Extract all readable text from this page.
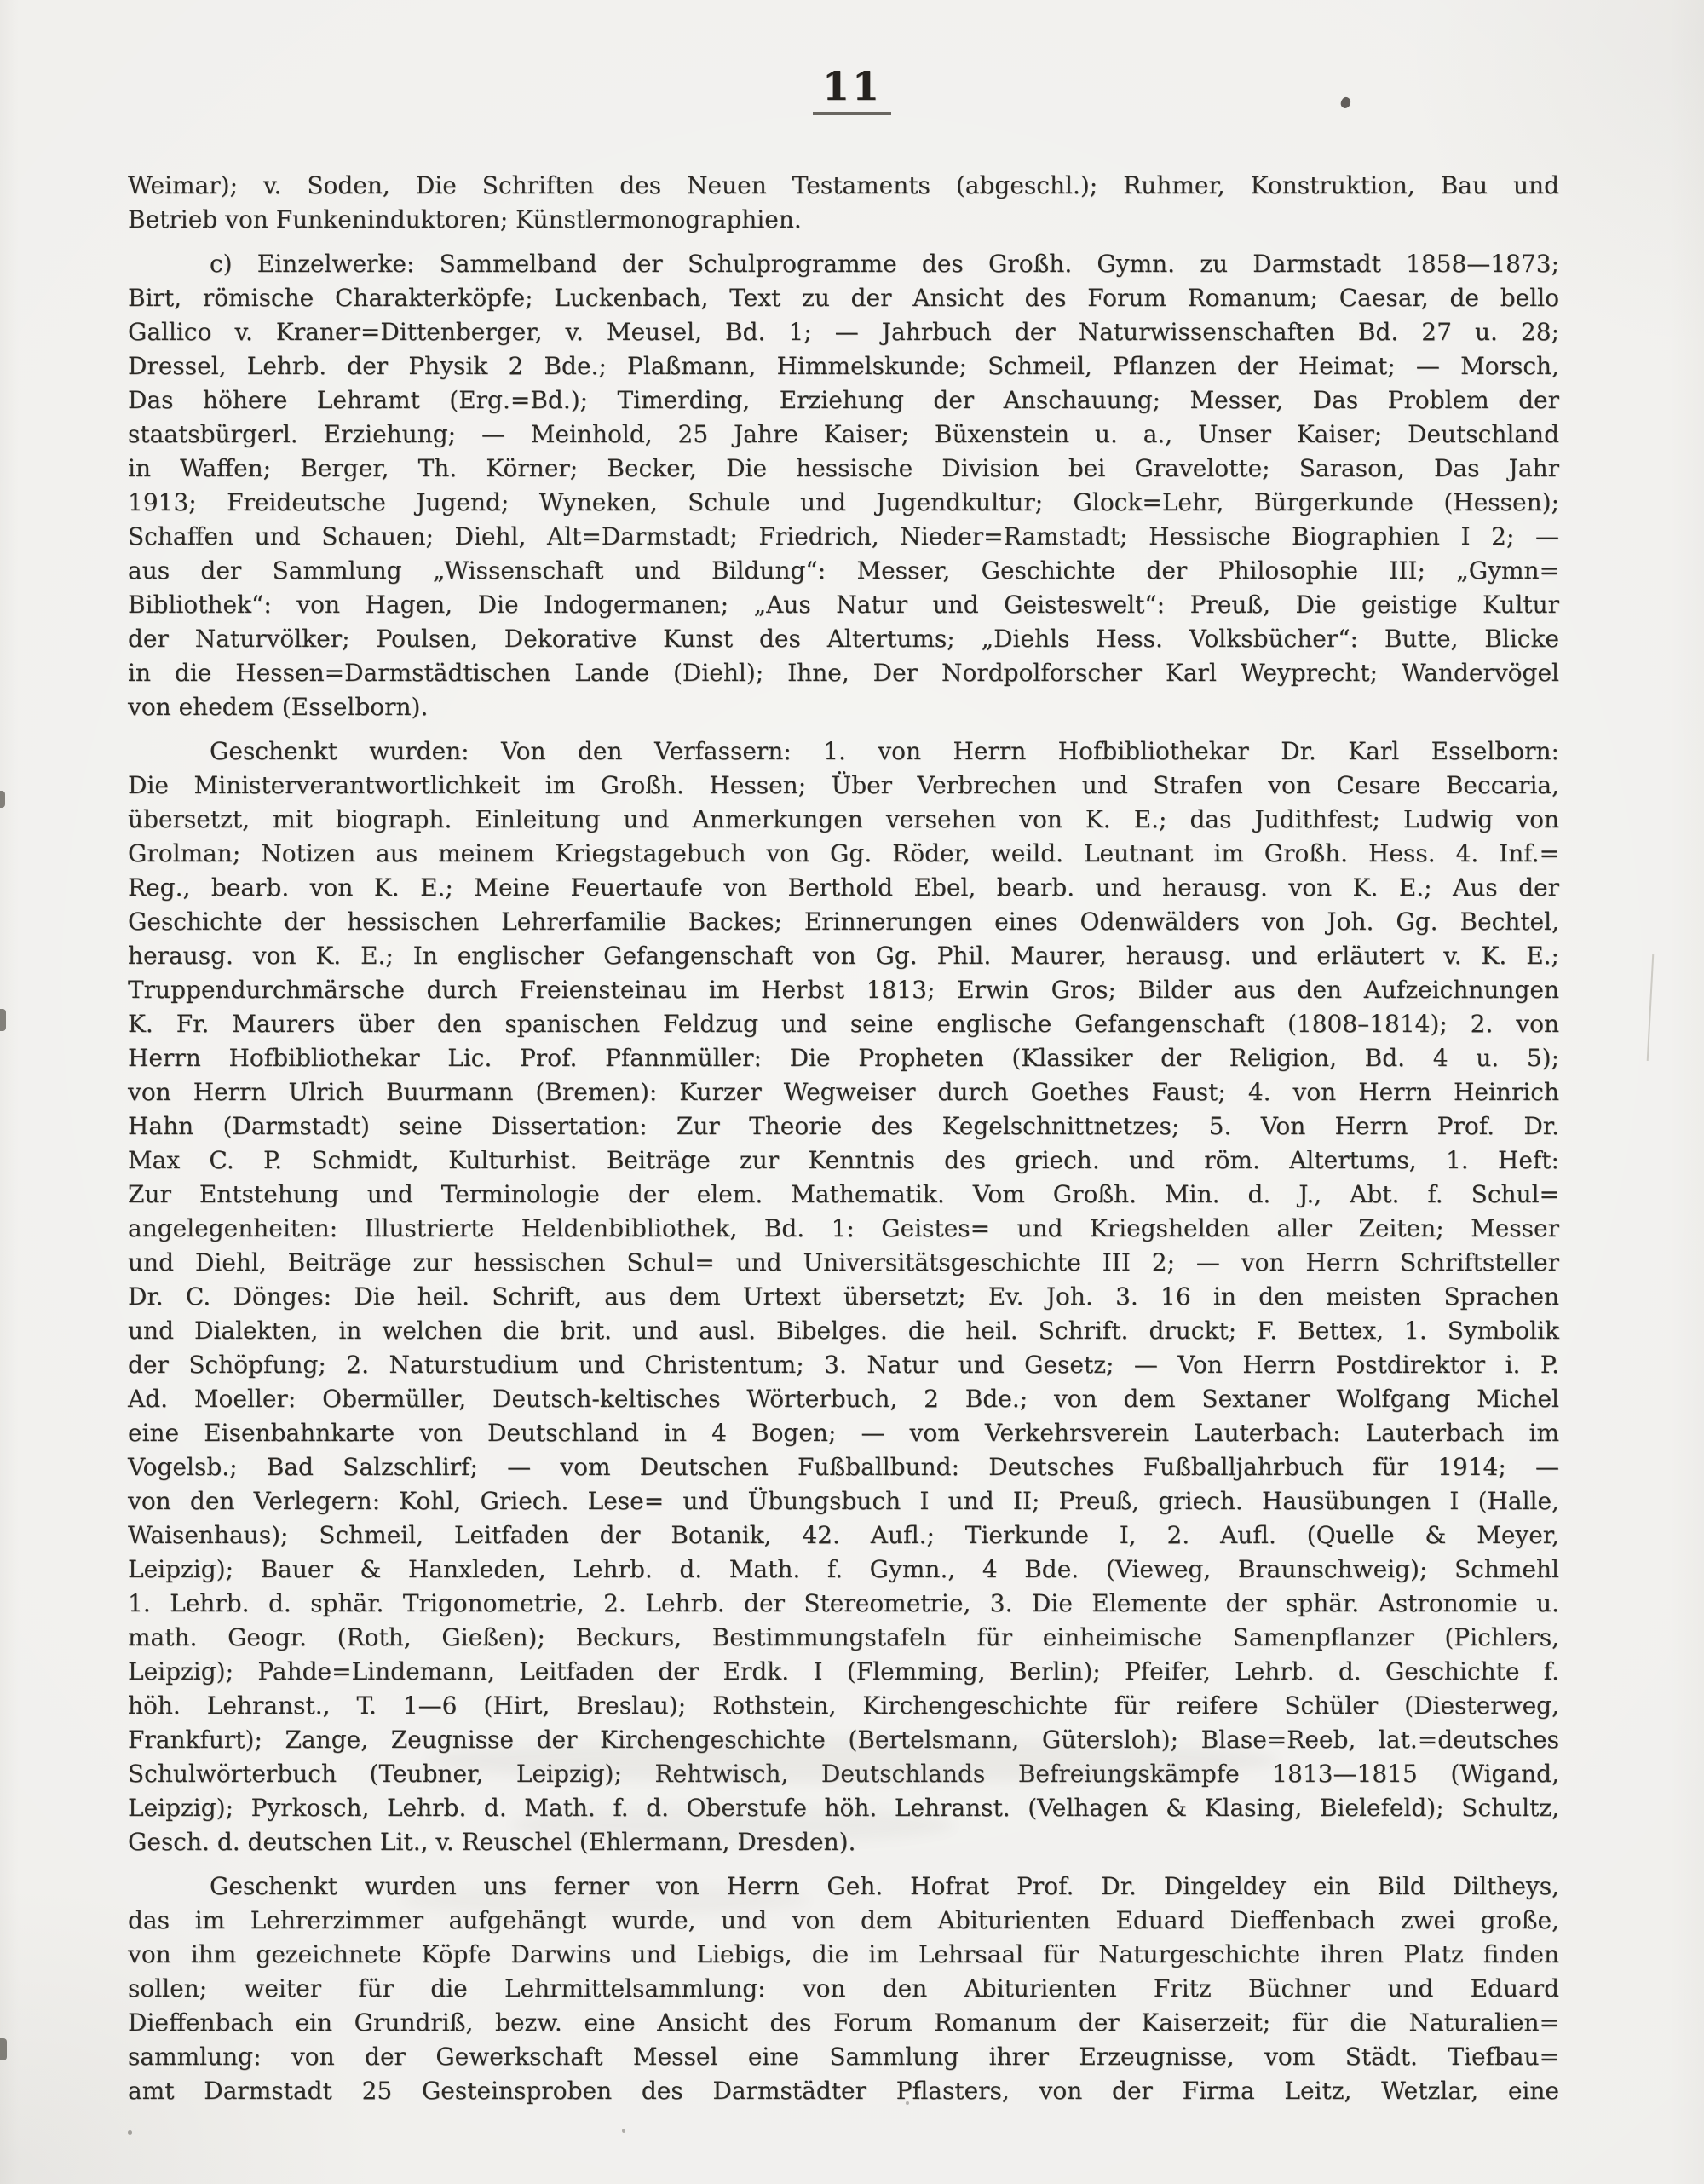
11

Weimar); v. Soden, Die Schriften des Neuen Testaments (abgeschl.); Ruhmer, Konstruktion, Bau und
Betrieb von Funkeninduktoren; Künstlermonographien.

c) Einzelwerke: Sammelband der Schulprogramme des Großh. Gymn. zu Darmstadt 1858—1873;
Birt, römische Charakterköpfe; Luckenbach, Text zu der Ansicht des Forum Romanum; Caesar, de bello
Gallico v. Kraner=Dittenberger, v. Meusel, Bd. 1; — Jahrbuch der Naturwissenschaften Bd. 27 u. 28;
Dressel, Lehrb. der Physik 2 Bde.; Plaßmann, Himmelskunde; Schmeil, Pflanzen der Heimat; — Morsch,
Das höhere Lehramt (Erg.=Bd.); Timerding, Erziehung der Anschauung; Messer, Das Problem der
staatsbürgerl. Erziehung; — Meinhold, 25 Jahre Kaiser; Büxenstein u. a., Unser Kaiser; Deutschland
in Waffen; Berger, Th. Körner; Becker, Die hessische Division bei Gravelotte; Sarason, Das Jahr
1913; Freideutsche Jugend; Wyneken, Schule und Jugendkultur; Glock=Lehr, Bürgerkunde (Hessen);
Schaffen und Schauen; Diehl, Alt=Darmstadt; Friedrich, Nieder=Ramstadt; Hessische Biographien I 2; —
aus der Sammlung „Wissenschaft und Bildung“: Messer, Geschichte der Philosophie III; „Gymn=
Bibliothek“: von Hagen, Die Indogermanen; „Aus Natur und Geisteswelt“: Preuß, Die geistige Kultur
der Naturvölker; Poulsen, Dekorative Kunst des Altertums; „Diehls Hess. Volksbücher“: Butte, Blicke
in die Hessen=Darmstädtischen Lande (Diehl); Ihne, Der Nordpolforscher Karl Weyprecht; Wandervögel
von ehedem (Esselborn).

Geschenkt wurden: Von den Verfassern: 1. von Herrn Hofbibliothekar Dr. Karl Esselborn:
Die Ministerverantwortlichkeit im Großh. Hessen; Über Verbrechen und Strafen von Cesare Beccaria,
übersetzt, mit biograph. Einleitung und Anmerkungen versehen von K. E.; das Judithfest; Ludwig von
Grolman; Notizen aus meinem Kriegstagebuch von Gg. Röder, weild. Leutnant im Großh. Hess. 4. Inf.=
Reg., bearb. von K. E.; Meine Feuertaufe von Berthold Ebel, bearb. und herausg. von K. E.; Aus der
Geschichte der hessischen Lehrerfamilie Backes; Erinnerungen eines Odenwälders von Joh. Gg. Bechtel,
herausg. von K. E.; In englischer Gefangenschaft von Gg. Phil. Maurer, herausg. und erläutert v. K. E.;
Truppendurchmärsche durch Freiensteinau im Herbst 1813; Erwin Gros; Bilder aus den Aufzeichnungen
K. Fr. Maurers über den spanischen Feldzug und seine englische Gefangenschaft (1808–1814); 2. von
Herrn Hofbibliothekar Lic. Prof. Pfannmüller: Die Propheten (Klassiker der Religion, Bd. 4 u. 5);
von Herrn Ulrich Buurmann (Bremen): Kurzer Wegweiser durch Goethes Faust; 4. von Herrn Heinrich
Hahn (Darmstadt) seine Dissertation: Zur Theorie des Kegelschnittnetzes; 5. Von Herrn Prof. Dr.
Max C. P. Schmidt, Kulturhist. Beiträge zur Kenntnis des griech. und röm. Altertums, 1. Heft:
Zur Entstehung und Terminologie der elem. Mathematik. Vom Großh. Min. d. J., Abt. f. Schul=
angelegenheiten: Illustrierte Heldenbibliothek, Bd. 1: Geistes= und Kriegshelden aller Zeiten; Messer
und Diehl, Beiträge zur hessischen Schul= und Universitätsgeschichte III 2; — von Herrn Schriftsteller
Dr. C. Dönges: Die heil. Schrift, aus dem Urtext übersetzt; Ev. Joh. 3. 16 in den meisten Sprachen
und Dialekten, in welchen die brit. und ausl. Bibelges. die heil. Schrift. druckt; F. Bettex, 1. Symbolik
der Schöpfung; 2. Naturstudium und Christentum; 3. Natur und Gesetz; — Von Herrn Postdirektor i. P.
Ad. Moeller: Obermüller, Deutsch-keltisches Wörterbuch, 2 Bde.; von dem Sextaner Wolfgang Michel
eine Eisenbahnkarte von Deutschland in 4 Bogen; — vom Verkehrsverein Lauterbach: Lauterbach im
Vogelsb.; Bad Salzschlirf; — vom Deutschen Fußballbund: Deutsches Fußballjahrbuch für 1914; —
von den Verlegern: Kohl, Griech. Lese= und Übungsbuch I und II; Preuß, griech. Hausübungen I (Halle,
Waisenhaus); Schmeil, Leitfaden der Botanik, 42. Aufl.; Tierkunde I, 2. Aufl. (Quelle & Meyer,
Leipzig); Bauer & Hanxleden, Lehrb. d. Math. f. Gymn., 4 Bde. (Vieweg, Braunschweig); Schmehl
1. Lehrb. d. sphär. Trigonometrie, 2. Lehrb. der Stereometrie, 3. Die Elemente der sphär. Astronomie u.
math. Geogr. (Roth, Gießen); Beckurs, Bestimmungstafeln für einheimische Samenpflanzer (Pichlers,
Leipzig); Pahde=Lindemann, Leitfaden der Erdk. I (Flemming, Berlin); Pfeifer, Lehrb. d. Geschichte f.
höh. Lehranst., T. 1—6 (Hirt, Breslau); Rothstein, Kirchengeschichte für reifere Schüler (Diesterweg,
Frankfurt); Zange, Zeugnisse der Kirchengeschichte (Bertelsmann, Gütersloh); Blase=Reeb, lat.=deutsches
Schulwörterbuch (Teubner, Leipzig); Rehtwisch, Deutschlands Befreiungskämpfe 1813—1815 (Wigand,
Leipzig); Pyrkosch, Lehrb. d. Math. f. d. Oberstufe höh. Lehranst. (Velhagen & Klasing, Bielefeld); Schultz,
Gesch. d. deutschen Lit., v. Reuschel (Ehlermann, Dresden).

Geschenkt wurden uns ferner von Herrn Geh. Hofrat Prof. Dr. Dingeldey ein Bild Diltheys,
das im Lehrerzimmer aufgehängt wurde, und von dem Abiturienten Eduard Dieffenbach zwei große,
von ihm gezeichnete Köpfe Darwins und Liebigs, die im Lehrsaal für Naturgeschichte ihren Platz finden
sollen; weiter für die Lehrmittelsammlung: von den Abiturienten Fritz Büchner und Eduard
Dieffenbach ein Grundriß, bezw. eine Ansicht des Forum Romanum der Kaiserzeit; für die Naturalien=
sammlung: von der Gewerkschaft Messel eine Sammlung ihrer Erzeugnisse, vom Städt. Tiefbau=
amt Darmstadt 25 Gesteinsproben des Darmstädter Pflasters, von der Firma Leitz, Wetzlar, eine
